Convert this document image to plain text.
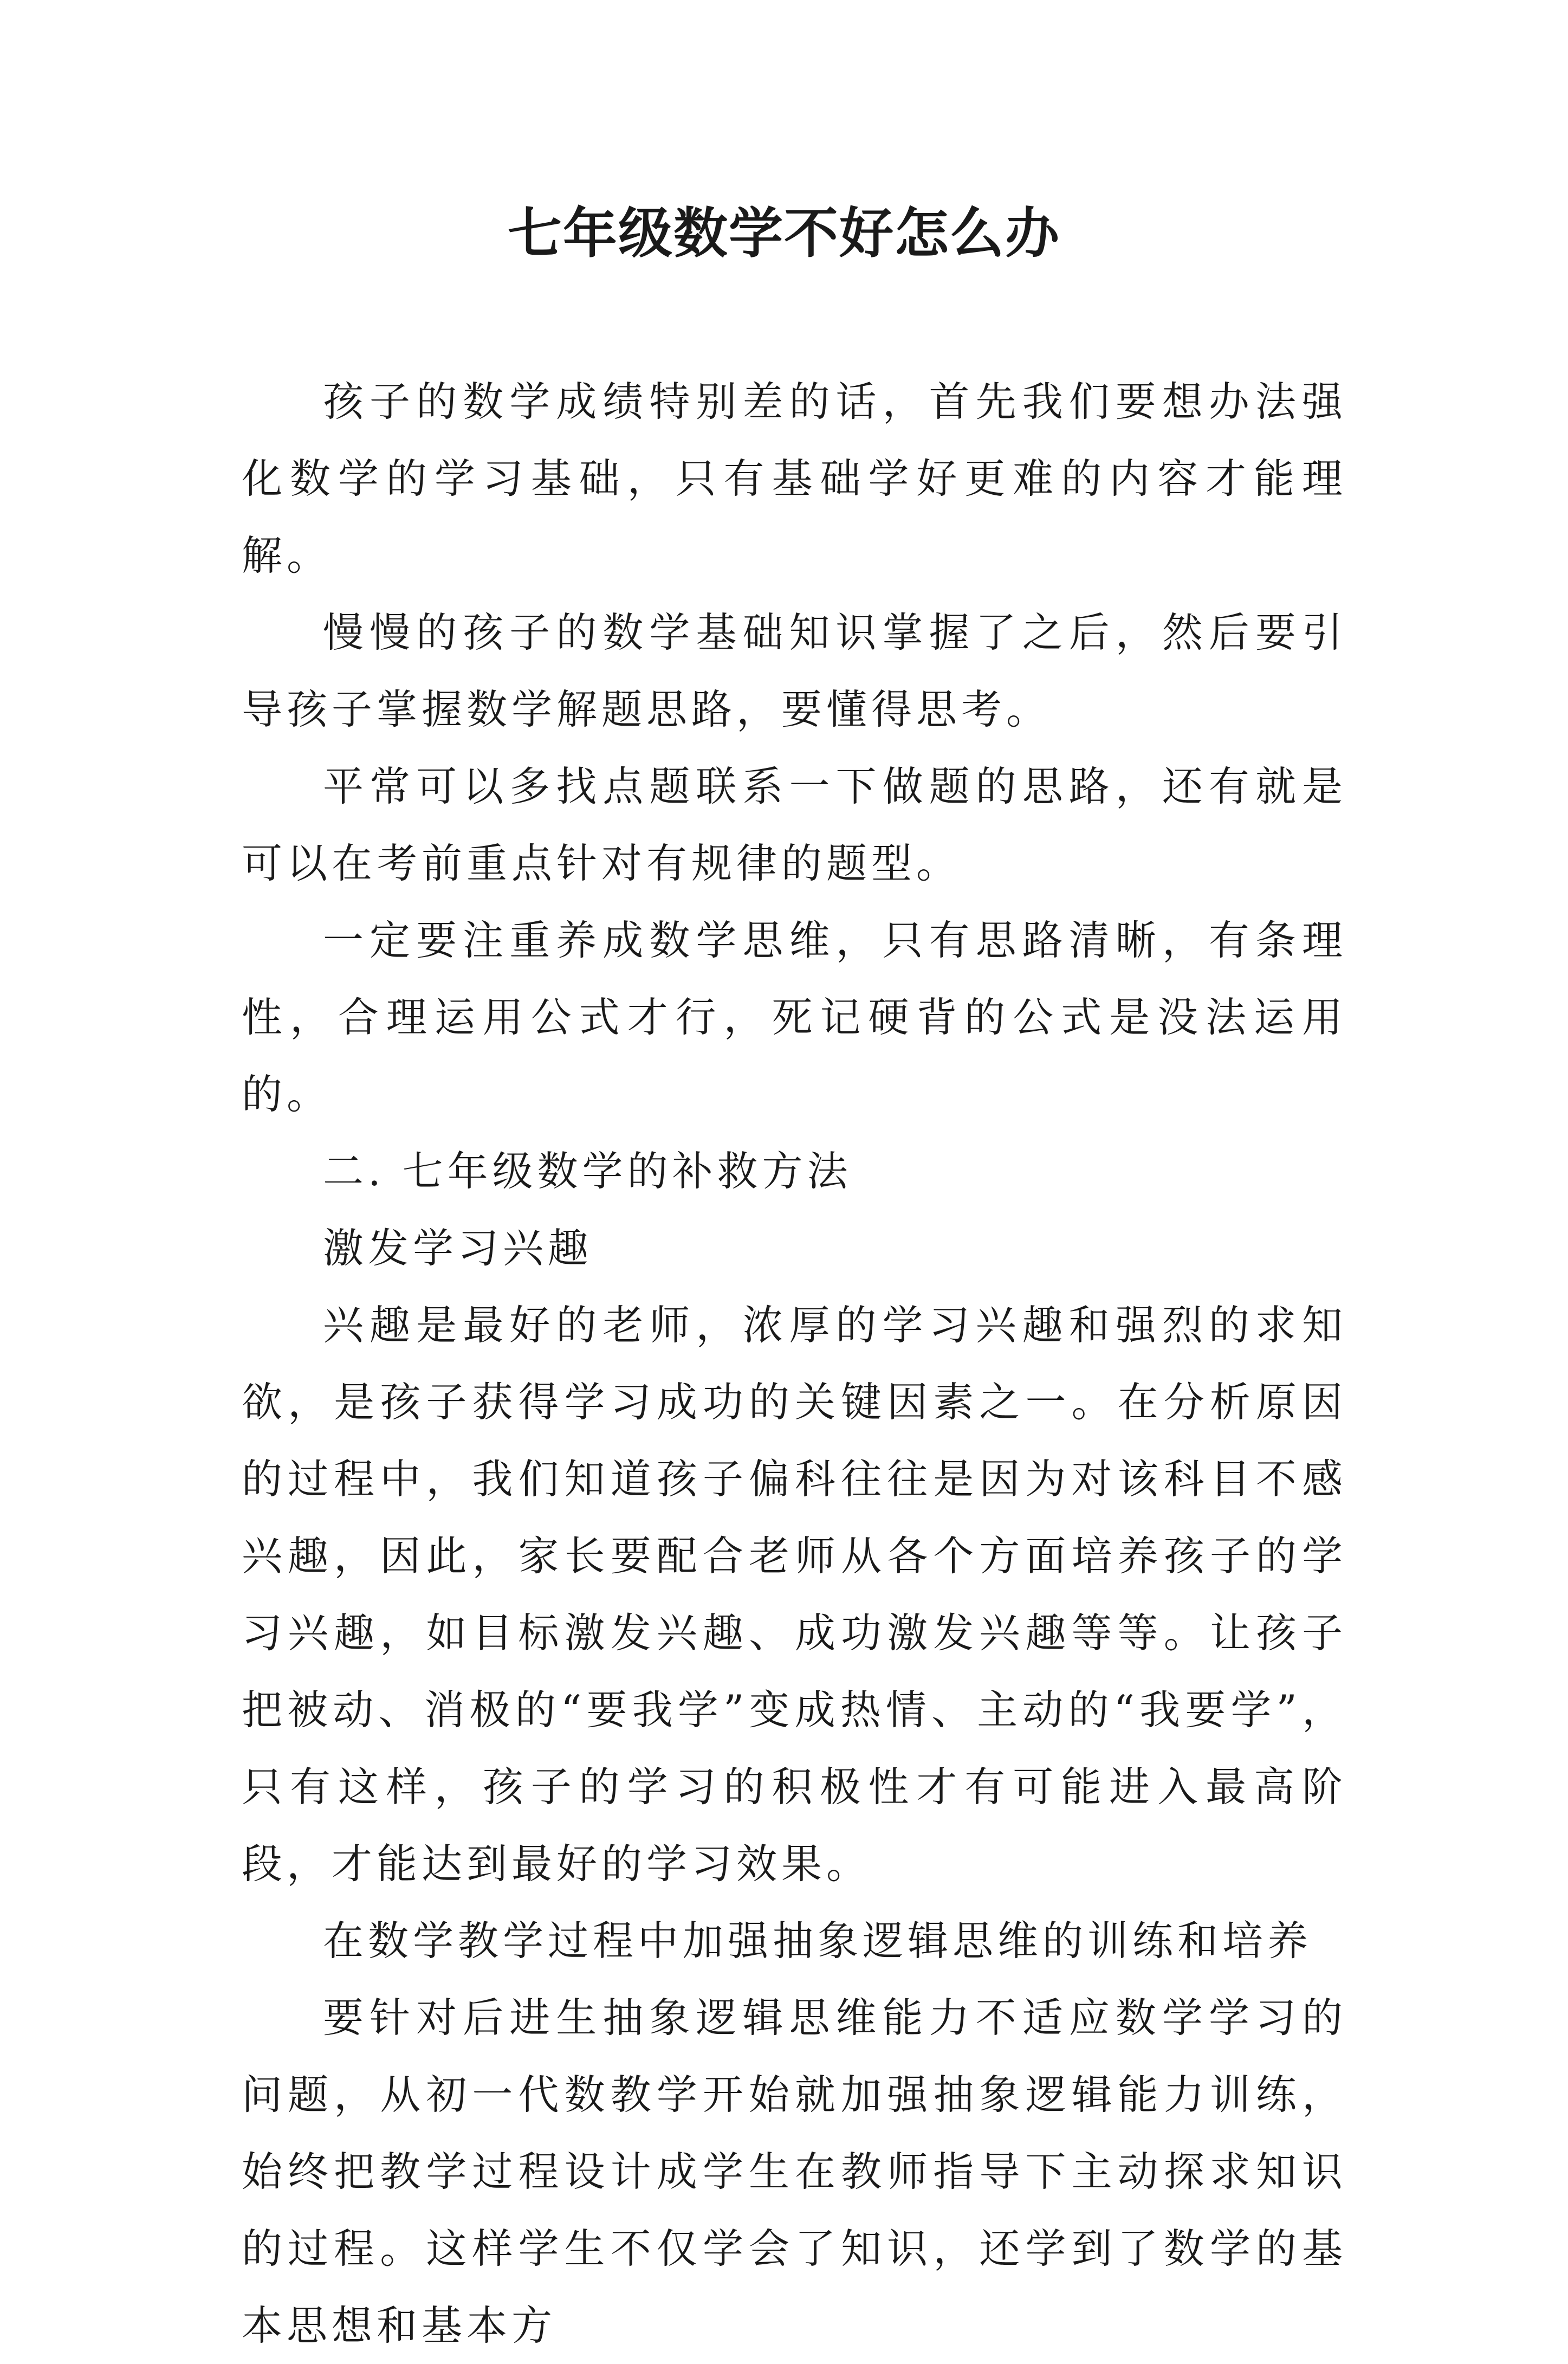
七年级数学不好怎么办

孩子的数学成绩特别差的话，首先我们要想办法强化数学的学习基础，只有基础学好更难的内容才能理解。

慢慢的孩子的数学基础知识掌握了之后，然后要引导孩子掌握数学解题思路，要懂得思考。

平常可以多找点题联系一下做题的思路，还有就是可以在考前重点针对有规律的题型。

一定要注重养成数学思维，只有思路清晰，有条理性，合理运用公式才行，死记硬背的公式是没法运用的。

二. 七年级数学的补救方法

激发学习兴趣

兴趣是最好的老师，浓厚的学习兴趣和强烈的求知欲，是孩子获得学习成功的关键因素之一。在分析原因的过程中，我们知道孩子偏科往往是因为对该科目不感兴趣，因此，家长要配合老师从各个方面培养孩子的学习兴趣，如目标激发兴趣、成功激发兴趣等等。让孩子把被动、消极的“要我学”变成热情、主动的“我要学”，只有这样，孩子的学习的积极性才有可能进入最高阶段，才能达到最好的学习效果。

在数学教学过程中加强抽象逻辑思维的训练和培养

要针对后进生抽象逻辑思维能力不适应数学学习的问题，从初一代数教学开始就加强抽象逻辑能力训练，始终把教学过程设计成学生在教师指导下主动探求知识的过程。这样学生不仅学会了知识，还学到了数学的基本思想和基本方
